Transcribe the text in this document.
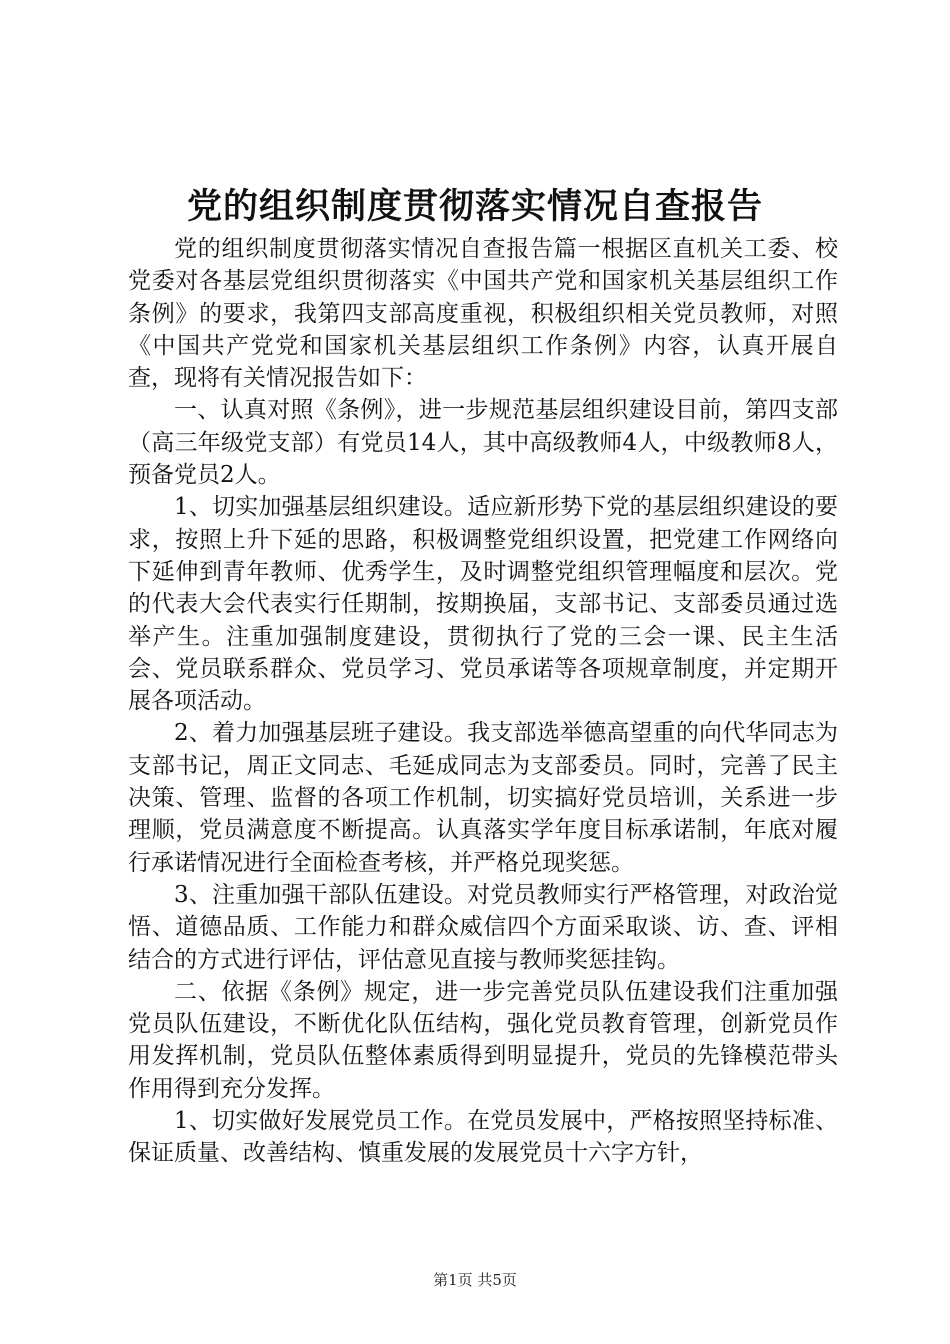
党的组织制度贯彻落实情况自查报告

党的组织制度贯彻落实情况自查报告篇一根据区直机关工委、校党委对各基层党组织贯彻落实《中国共产党和国家机关基层组织工作条例》的要求，我第四支部高度重视，积极组织相关党员教师，对照《中国共产党党和国家机关基层组织工作条例》内容，认真开展自查，现将有关情况报告如下：

一、认真对照《条例》，进一步规范基层组织建设目前，第四支部（高三年级党支部）有党员14人，其中高级教师4人，中级教师8人，预备党员2人。

1、切实加强基层组织建设。适应新形势下党的基层组织建设的要求，按照上升下延的思路，积极调整党组织设置，把党建工作网络向下延伸到青年教师、优秀学生，及时调整党组织管理幅度和层次。党的代表大会代表实行任期制，按期换届，支部书记、支部委员通过选举产生。注重加强制度建设，贯彻执行了党的三会一课、民主生活会、党员联系群众、党员学习、党员承诺等各项规章制度，并定期开展各项活动。

2、着力加强基层班子建设。我支部选举德高望重的向代华同志为支部书记，周正文同志、毛延成同志为支部委员。同时，完善了民主决策、管理、监督的各项工作机制，切实搞好党员培训，关系进一步理顺，党员满意度不断提高。认真落实学年度目标承诺制，年底对履行承诺情况进行全面检查考核，并严格兑现奖惩。

3、注重加强干部队伍建设。对党员教师实行严格管理，对政治觉悟、道德品质、工作能力和群众威信四个方面采取谈、访、查、评相结合的方式进行评估，评估意见直接与教师奖惩挂钩。

二、依据《条例》规定，进一步完善党员队伍建设我们注重加强党员队伍建设，不断优化队伍结构，强化党员教育管理，创新党员作用发挥机制，党员队伍整体素质得到明显提升，党员的先锋模范带头作用得到充分发挥。

1、切实做好发展党员工作。在党员发展中，严格按照坚持标准、保证质量、改善结构、慎重发展的发展党员十六字方针，

第1页 共5页
